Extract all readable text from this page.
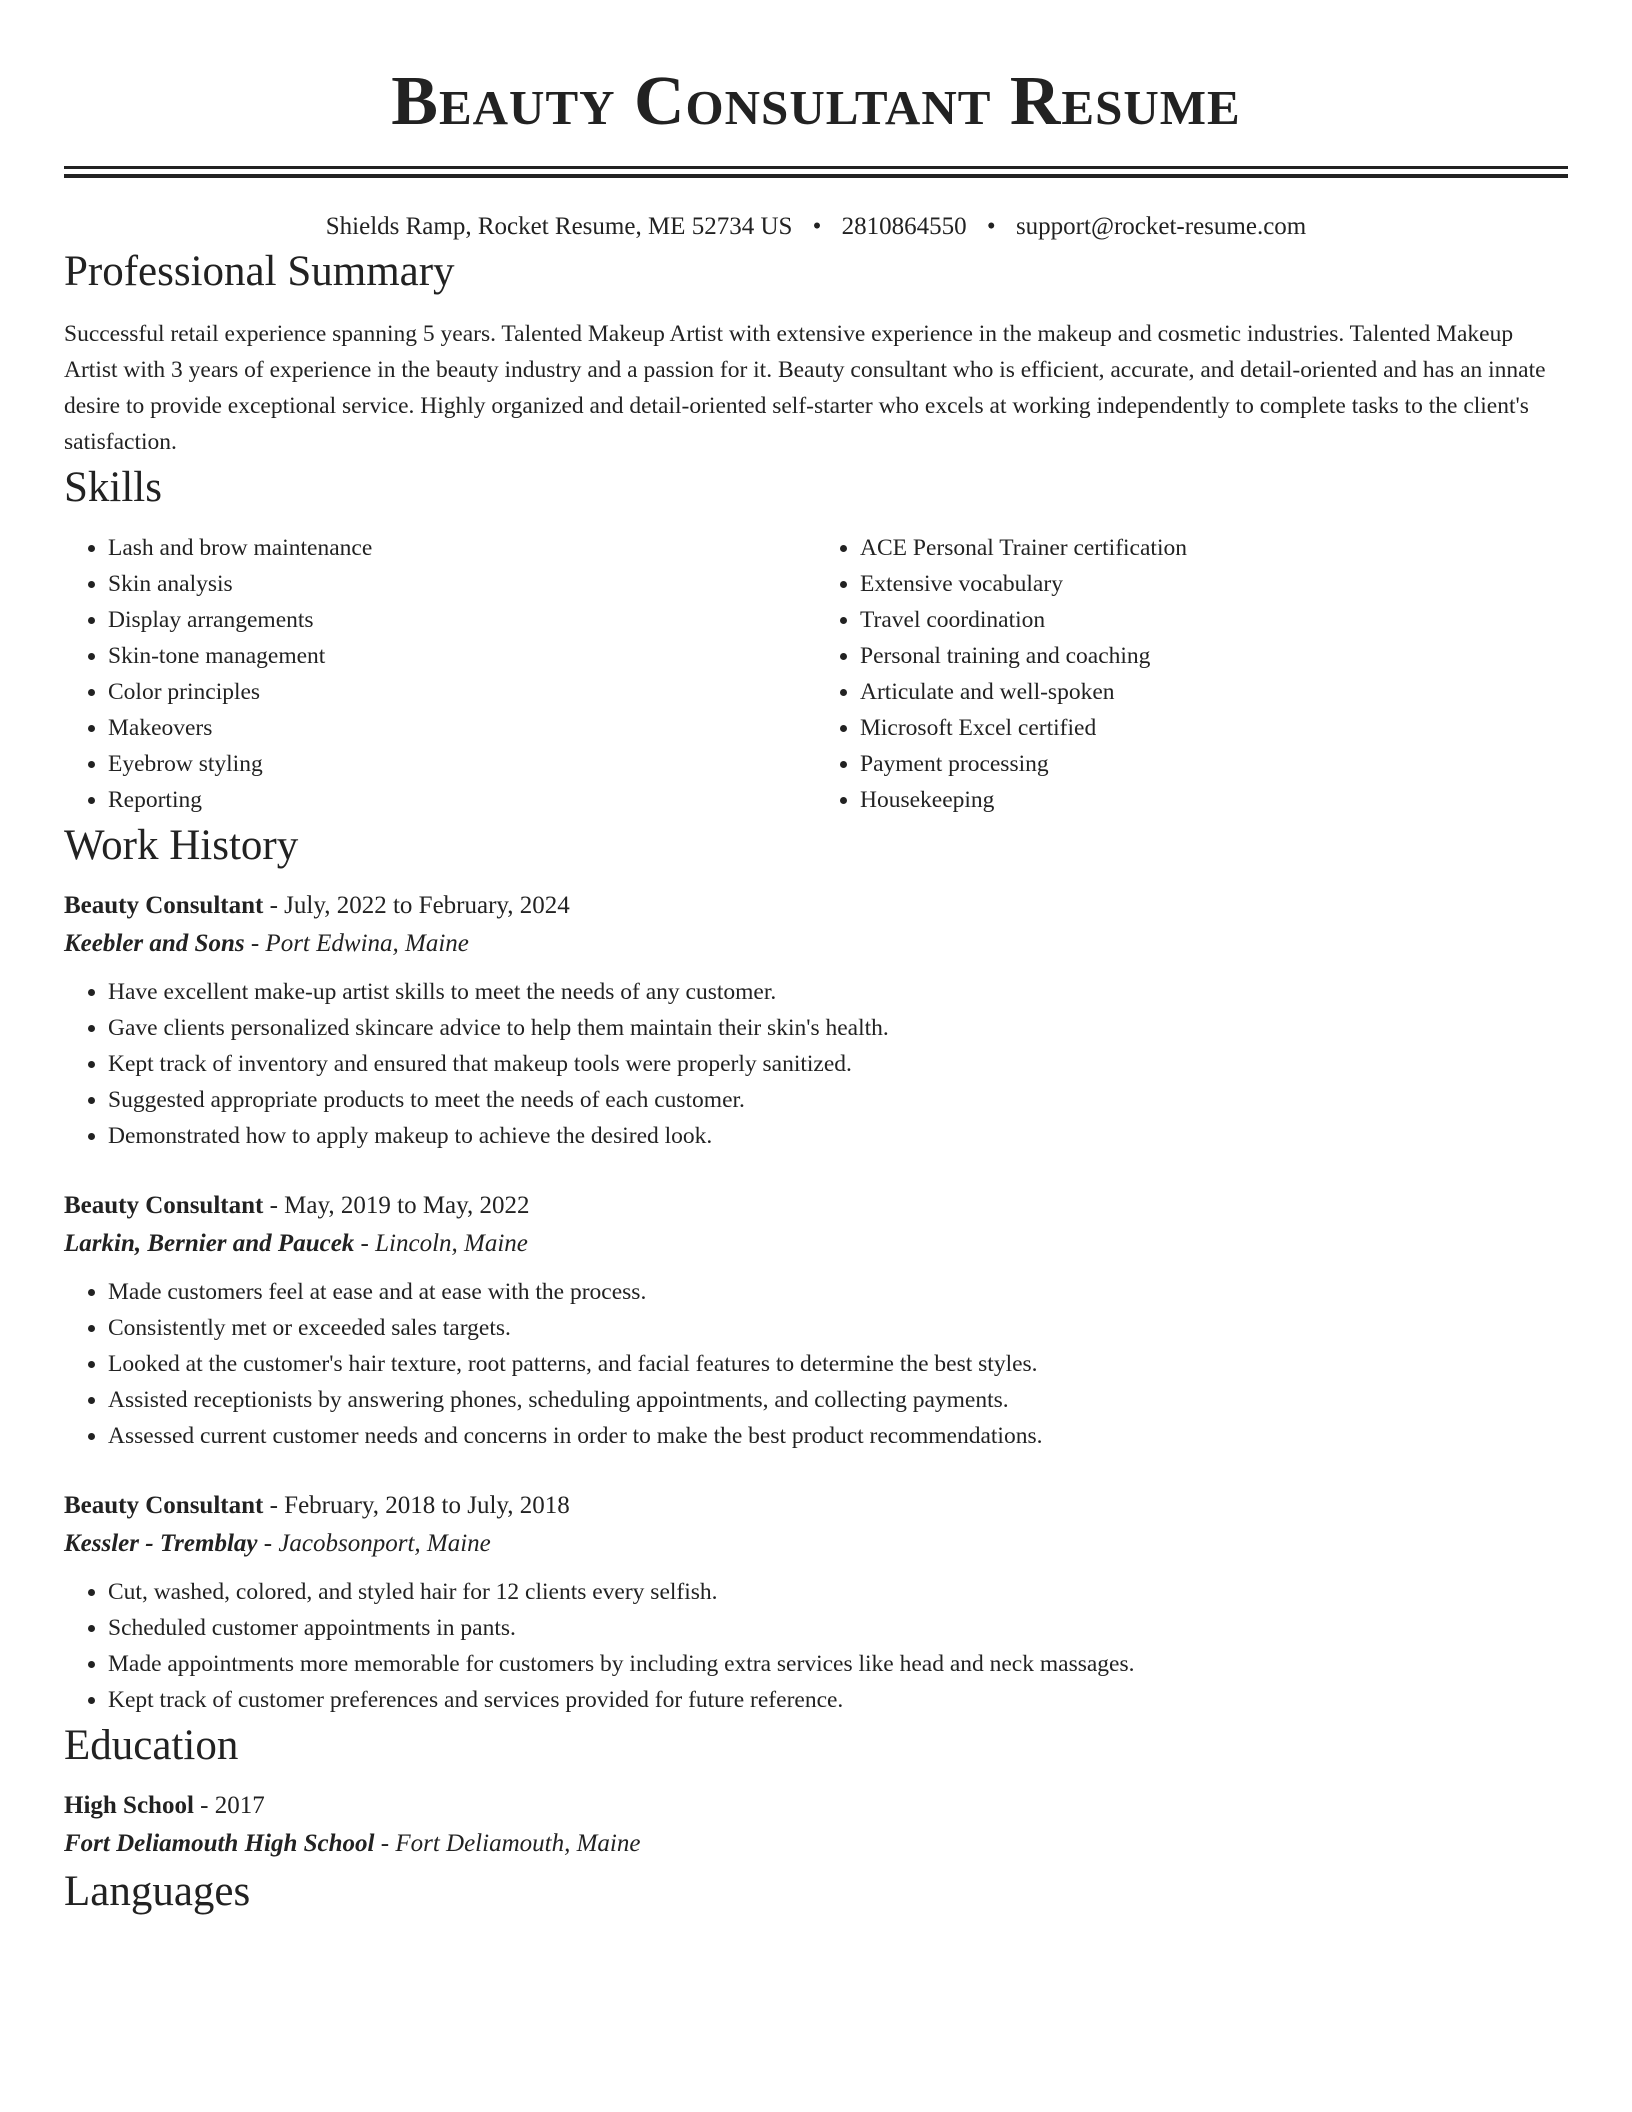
Beauty Consultant Resume
Shields Ramp, Rocket Resume, ME 52734 US • 2810864550 • support@rocket-resume.com
Professional Summary

Successful retail experience spanning 5 years. Talented Makeup Artist with extensive experience in the makeup and cosmetic industries. Talented Makeup Artist with 3 years of experience in the beauty industry and a passion for it. Beauty consultant who is efficient, accurate, and detail-oriented and has an innate desire to provide exceptional service. Highly organized and detail-oriented self-starter who excels at working independently to complete tasks to the client's satisfaction.

Skills
• Lash and brow maintenance
• Skin analysis
• Display arrangements
• Skin-tone management
• Color principles
• Makeovers
• Eyebrow styling
• Reporting
• ACE Personal Trainer certification
• Extensive vocabulary
• Travel coordination
• Personal training and coaching
• Articulate and well-spoken
• Microsoft Excel certified
• Payment processing
• Housekeeping
Work History
Beauty Consultant - July, 2022 to February, 2024
Keebler and Sons - Port Edwina, Maine
• Have excellent make-up artist skills to meet the needs of any customer.
• Gave clients personalized skincare advice to help them maintain their skin's health.
• Kept track of inventory and ensured that makeup tools were properly sanitized.
• Suggested appropriate products to meet the needs of each customer.
• Demonstrated how to apply makeup to achieve the desired look.
Beauty Consultant - May, 2019 to May, 2022
Larkin, Bernier and Paucek - Lincoln, Maine
• Made customers feel at ease and at ease with the process.
• Consistently met or exceeded sales targets.
• Looked at the customer's hair texture, root patterns, and facial features to determine the best styles.
• Assisted receptionists by answering phones, scheduling appointments, and collecting payments.
• Assessed current customer needs and concerns in order to make the best product recommendations.
Beauty Consultant - February, 2018 to July, 2018
Kessler - Tremblay - Jacobsonport, Maine
• Cut, washed, colored, and styled hair for 12 clients every selfish.
• Scheduled customer appointments in pants.
• Made appointments more memorable for customers by including extra services like head and neck massages.
• Kept track of customer preferences and services provided for future reference.
Education
High School - 2017
Fort Deliamouth High School - Fort Deliamouth, Maine
Languages
